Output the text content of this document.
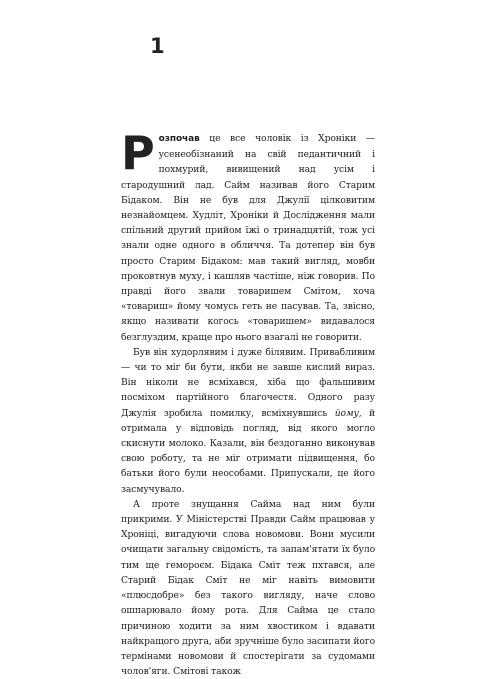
1

Розпочав це все чоловік із Хроніки — усенеобізнаний на свій педантичний і похмурий, вивищений над усім і стародушний лад. Сайм називав його Старим Бідаком. Він не був для Джулії цілковитим незнайомцем. Худліт, Хроніки й Дослідження мали спільний другий прийом їжі о тринадцятій, тож усі знали одне одного в обличчя. Та дотепер він був просто Старим Бідаком: мав такий вигляд, мовби проковтнув муху, і кашляв частіше, ніж говорив. По правді його звали товаришем Смітом, хоча «товариш» йому чомусь геть не пасував. Та, звісно, якщо називати когось «товаришем» видавалося безглуздим, краще про нього взагалі не говорити.

Був він худорлявим і дуже білявим. Привабливим — чи то міг би бути, якби не завше кислий вираз. Він ніколи не всміхався, хіба що фальшивим посміхом партійного благочестя. Одного разу Джулія зробила помилку, всміхнувшись йому, й отримала у відповідь погляд, від якого могло скиснути молоко. Казали, він бездоганно виконував свою роботу, та не міг отримати підвищення, бо батьки його були неособами. Припускали, це його засмучувало.

А проте знущання Сайма над ним були прикрими. У Міністерстві Правди Сайм працював у Хроніці, вигадуючи слова новомови. Вони мусили очищати загальну свідомість, та запам'ятати їх було тим ще гемороєм. Бідака Сміт теж пхтався, але Старий Бідак Сміт не міг навіть вимовити «плюсдобре» без такого вигляду, наче слово ошпарювало йому рота. Для Сайма це стало причиною ходити за ним хвостиком і вдавати найкращого друга, аби зручніше було засипати його термінами новомови й спостерігати за судомами чолов'яги. Смітові також
